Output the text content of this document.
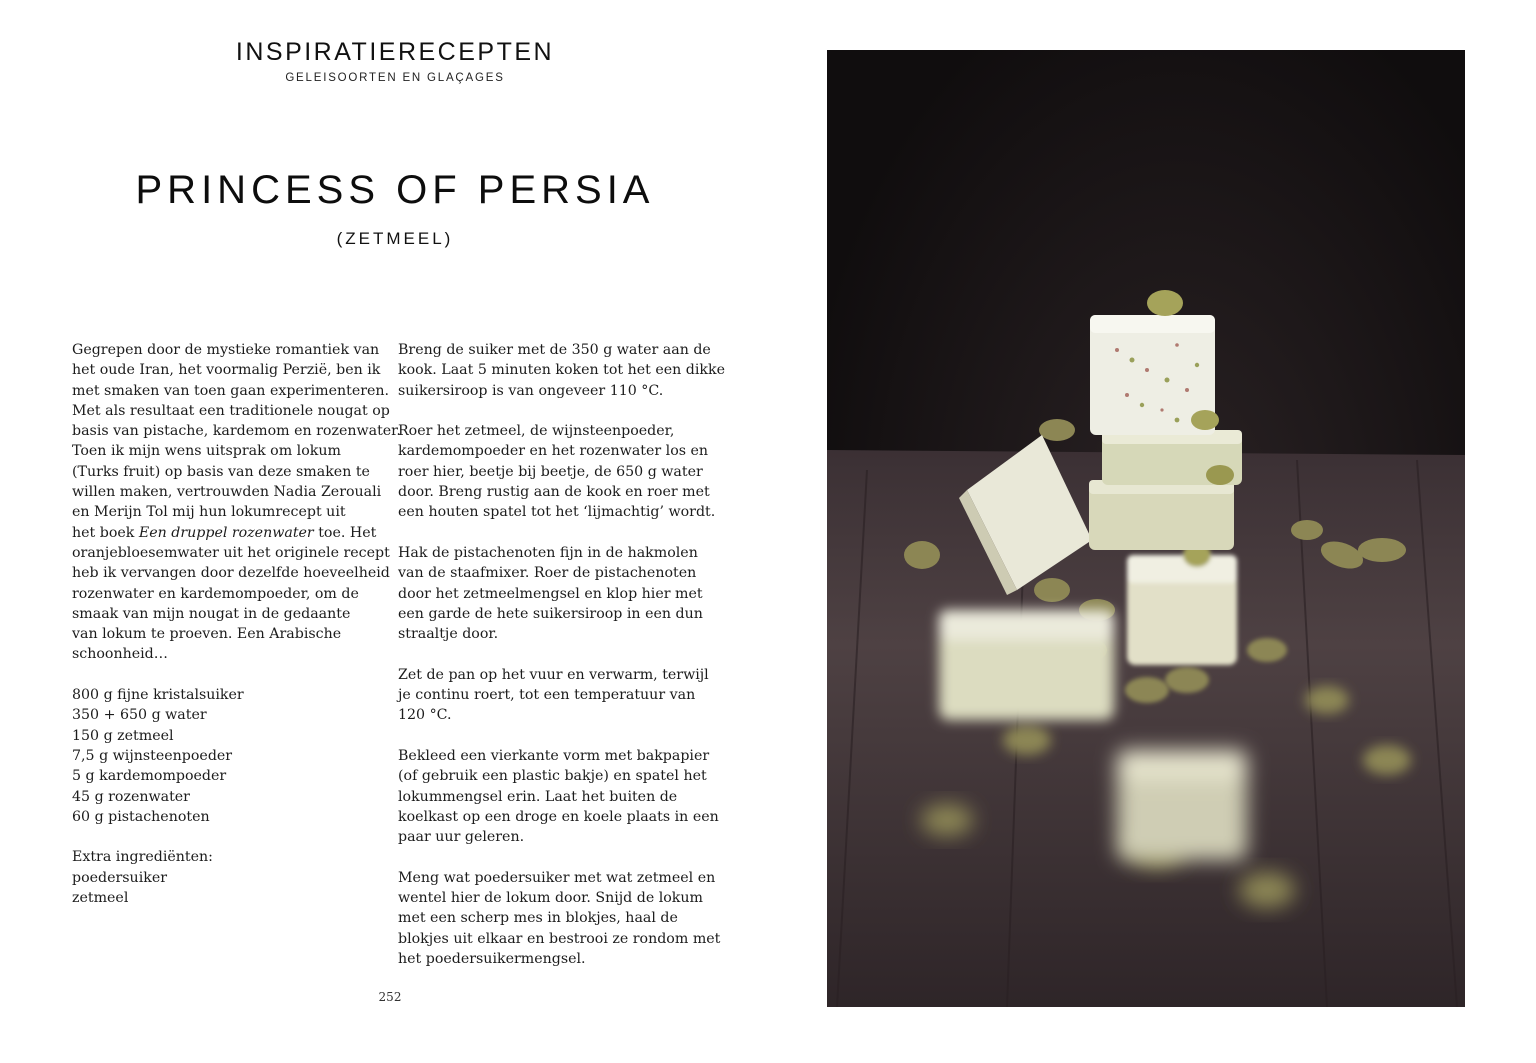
INSPIRATIERECEPTEN
GELEISOORTEN EN GLAÇAGES
PRINCESS OF PERSIA
(ZETMEEL)
Gegrepen door de mystieke romantiek van
het oude Iran, het voormalig Perzië, ben ik
met smaken van toen gaan experimenteren.
Met als resultaat een traditionele nougat op
basis van pistache, kardemom en rozenwater.
Toen ik mijn wens uitsprak om lokum
(Turks fruit) op basis van deze smaken te
willen maken, vertrouwden Nadia Zerouali
en Merijn Tol mij hun lokumrecept uit
het boek Een druppel rozenwater toe. Het
oranjebloesemwater uit het originele recept
heb ik vervangen door dezelfde hoeveelheid
rozenwater en kardemompoeder, om de
smaak van mijn nougat in de gedaante
van lokum te proeven. Een Arabische
schoonheid…
800 g fijne kristalsuiker
350 + 650 g water
150 g zetmeel
7,5 g wijnsteenpoeder
5 g kardemompoeder
45 g rozenwater
60 g pistachenoten
Extra ingrediënten:
poedersuiker
zetmeel
Breng de suiker met de 350 g water aan de
kook. Laat 5 minuten koken tot het een dikke
suikersiroop is van ongeveer 110 °C.
Roer het zetmeel, de wijnsteenpoeder,
kardemompoeder en het rozenwater los en
roer hier, beetje bij beetje, de 650 g water
door. Breng rustig aan de kook en roer met
een houten spatel tot het ‘lijmachtig’ wordt.
Hak de pistachenoten fijn in de hakmolen
van de staafmixer. Roer de pistachenoten
door het zetmeelmengsel en klop hier met
een garde de hete suikersiroop in een dun
straaltje door.
Zet de pan op het vuur en verwarm, terwijl
je continu roert, tot een temperatuur van
120 °C.
Bekleed een vierkante vorm met bakpapier
(of gebruik een plastic bakje) en spatel het
lokummengsel erin. Laat het buiten de
koelkast op een droge en koele plaats in een
paar uur geleren.
Meng wat poedersuiker met wat zetmeel en
wentel hier de lokum door. Snijd de lokum
met een scherp mes in blokjes, haal de
blokjes uit elkaar en bestrooi ze rondom met
het poedersuikermengsel.
252
